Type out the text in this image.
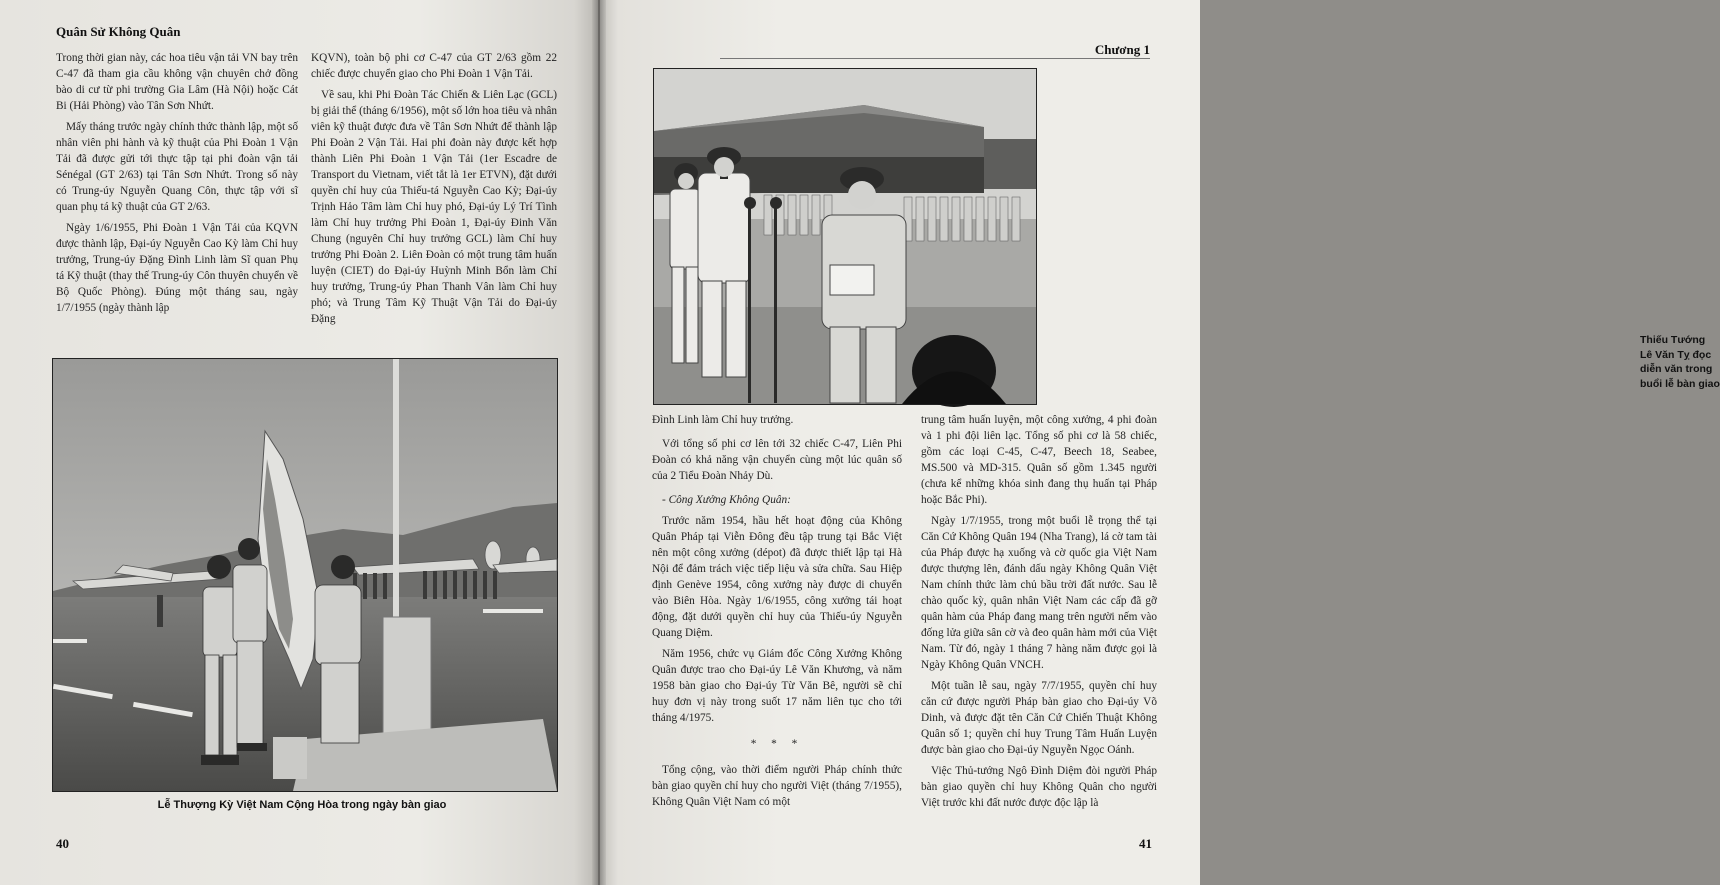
Quân Sử Không Quân

Trong thời gian này, các hoa tiêu vận tải VN bay trên C-47 đã tham gia cầu không vận chuyên chở đồng bào di cư từ phi trường Gia Lâm (Hà Nội) hoặc Cát Bi (Hải Phòng) vào Tân Sơn Nhứt.

Mấy tháng trước ngày chính thức thành lập, một số nhân viên phi hành và kỹ thuật của Phi Đoàn 1 Vận Tải đã được gửi tới thực tập tại phi đoàn vận tải Sénégal (GT 2/63) tại Tân Sơn Nhứt. Trong số này có Trung-úy Nguyễn Quang Côn, thực tập với sĩ quan phụ tá kỹ thuật của GT 2/63.

Ngày 1/6/1955, Phi Đoàn 1 Vận Tải của KQVN được thành lập, Đại-úy Nguyễn Cao Kỳ làm Chỉ huy trưởng, Trung-úy Đặng Đình Linh làm Sĩ quan Phụ tá Kỹ thuật (thay thế Trung-úy Côn thuyên chuyển về Bộ Quốc Phòng). Đúng một tháng sau, ngày 1/7/1955 (ngày thành lập

KQVN), toàn bộ phi cơ C-47 của GT 2/63 gồm 22 chiếc được chuyển giao cho Phi Đoàn 1 Vận Tải.

Về sau, khi Phi Đoàn Tác Chiến & Liên Lạc (GCL) bị giải thể (tháng 6/1956), một số lớn hoa tiêu và nhân viên kỹ thuật được đưa về Tân Sơn Nhứt để thành lập Phi Đoàn 2 Vận Tải. Hai phi đoàn này được kết hợp thành Liên Phi Đoàn 1 Vận Tải (1er Escadre de Transport du Vietnam, viết tắt là 1er ETVN), đặt dưới quyền chỉ huy của Thiếu-tá Nguyễn Cao Kỳ; Đại-úy Trịnh Hảo Tâm làm Chỉ huy phó, Đại-úy Lý Trí Tình làm Chỉ huy trưởng Phi Đoàn 1, Đại-úy Đinh Văn Chung (nguyên Chỉ huy trưởng GCL) làm Chỉ huy trưởng Phi Đoàn 2. Liên Đoàn có một trung tâm huấn luyện (CIET) do Đại-úy Huỳnh Minh Bổn làm Chỉ huy trưởng, Trung-úy Phan Thanh Vân làm Chỉ huy phó; và Trung Tâm Kỹ Thuật Vận Tải do Đại-úy Đặng

Lễ Thượng Kỳ Việt Nam Cộng Hòa trong ngày bàn giao
40
Chương 1
Thiếu Tướng Lê Văn Tỵ đọc diễn văn trong buổi lễ bàn giao

Đình Linh làm Chỉ huy trưởng.

Với tổng số phi cơ lên tới 32 chiếc C-47, Liên Phi Đoàn có khả năng vận chuyển cùng một lúc quân số của 2 Tiểu Đoàn Nhảy Dù.

- Công Xưởng Không Quân:

Trước năm 1954, hầu hết hoạt động của Không Quân Pháp tại Viễn Đông đều tập trung tại Bắc Việt nên một công xưởng (dépot) đã được thiết lập tại Hà Nội để đảm trách việc tiếp liệu và sửa chữa. Sau Hiệp định Genève 1954, công xưởng này được di chuyển vào Biên Hòa. Ngày 1/6/1955, công xưởng tái hoạt động, đặt dưới quyền chỉ huy của Thiếu-úy Nguyễn Quang Diệm.

Năm 1956, chức vụ Giám đốc Công Xưởng Không Quân được trao cho Đại-úy Lê Văn Khương, và năm 1958 bàn giao cho Đại-úy Từ Văn Bê, người sẽ chỉ huy đơn vị này trong suốt 17 năm liên tục cho tới tháng 4/1975.

* * *

Tổng cộng, vào thời điểm người Pháp chính thức bàn giao quyền chỉ huy cho người Việt (tháng 7/1955), Không Quân Việt Nam có một

trung tâm huấn luyện, một công xưởng, 4 phi đoàn và 1 phi đội liên lạc. Tổng số phi cơ là 58 chiếc, gồm các loại C-45, C-47, Beech 18, Seabee, MS.500 và MD-315. Quân số gồm 1.345 người (chưa kể những khóa sinh đang thụ huấn tại Pháp hoặc Bắc Phi).

Ngày 1/7/1955, trong một buổi lễ trọng thể tại Căn Cứ Không Quân 194 (Nha Trang), lá cờ tam tài của Pháp được hạ xuống và cờ quốc gia Việt Nam được thượng lên, đánh dấu ngày Không Quân Việt Nam chính thức làm chủ bầu trời đất nước. Sau lễ chào quốc kỳ, quân nhân Việt Nam các cấp đã gỡ quân hàm của Pháp đang mang trên người nếm vào đống lửa giữa sân cờ và đeo quân hàm mới của Việt Nam. Từ đó, ngày 1 tháng 7 hàng năm được gọi là Ngày Không Quân VNCH.

Một tuần lễ sau, ngày 7/7/1955, quyền chỉ huy căn cứ được người Pháp bàn giao cho Đại-úy Võ Dinh, và được đặt tên Căn Cứ Chiến Thuật Không Quân số 1; quyền chỉ huy Trung Tâm Huấn Luyện được bàn giao cho Đại-úy Nguyễn Ngọc Oánh.

Việc Thủ-tướng Ngô Đình Diệm đòi người Pháp bàn giao quyền chỉ huy Không Quân cho người Việt trước khi đất nước được độc lập là

41
